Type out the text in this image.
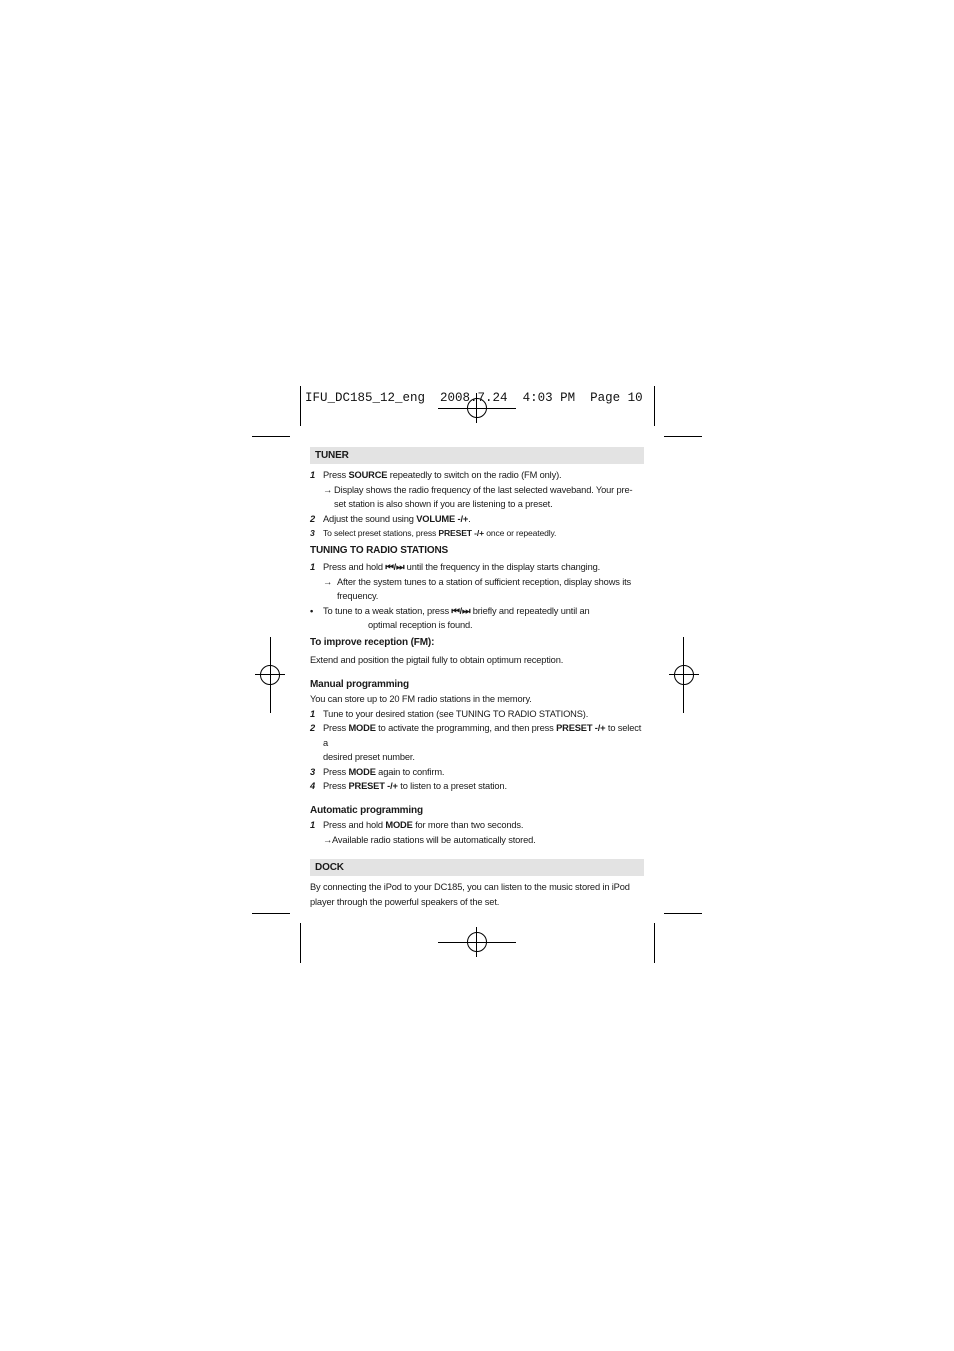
IFU_DC185_12_eng 2008.7.24 4:03 PM Page 10
TUNER
1 Press SOURCE repeatedly to switch on the radio (FM only).
→ Display shows the radio frequency of the last selected waveband. Your pre-
set station is also shown if you are listening to a preset.
2 Adjust the sound using VOLUME -/+.
3 To select preset stations, press PRESET -/+ once or repeatedly.
TUNING TO RADIO STATIONS
1 Press and hold ⏮/⏭ until the frequency in the display starts changing.
→ After the system tunes to a station of sufficient reception, display shows its
frequency.
• To tune to a weak station, press ⏮/⏭ briefly and repeatedly until an
optimal reception is found.
To improve reception (FM):
Extend and position the pigtail fully to obtain optimum reception.
Manual programming
You can store up to 20 FM radio stations in the memory.
1 Tune to your desired station (see TUNING TO RADIO STATIONS).
2 Press MODE to activate the programming, and then press PRESET -/+ to select a
desired preset number.
3 Press MODE again to confirm.
4 Press PRESET -/+ to listen to a preset station.
Automatic programming
1 Press and hold MODE for more than two seconds.
→ Available radio stations will be automatically stored.
DOCK
By connecting the iPod to your DC185, you can listen to the music stored in iPod
player through the powerful speakers of the set.
